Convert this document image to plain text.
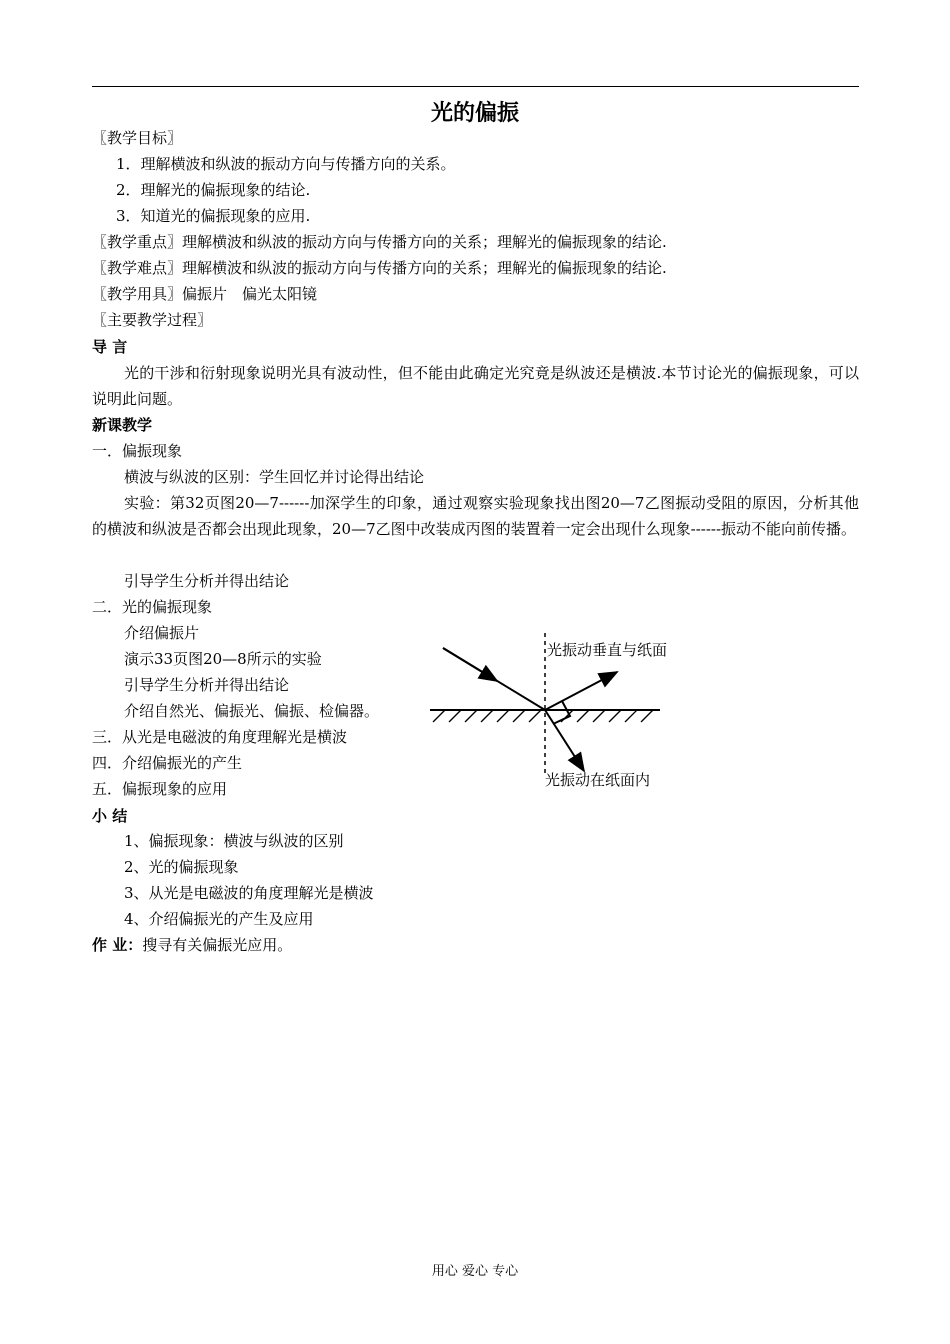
光的偏振
〖教学目标〗
1．理解横波和纵波的振动方向与传播方向的关系。
2．理解光的偏振现象的结论.
3．知道光的偏振现象的应用.
〖教学重点〗理解横波和纵波的振动方向与传播方向的关系；理解光的偏振现象的结论.
〖教学难点〗理解横波和纵波的振动方向与传播方向的关系；理解光的偏振现象的结论.
〖教学用具〗偏振片　偏光太阳镜
〖主要教学过程〗
导 言
光的干涉和衍射现象说明光具有波动性，但不能由此确定光究竟是纵波还是横波.本节讨论光的偏振现象，可以说明此问题。
新课教学
一．偏振现象
横波与纵波的区别：学生回忆并讨论得出结论
实验：第32页图20—7------加深学生的印象，通过观察实验现象找出图20—7乙图振动受阻的原因，分析其他的横波和纵波是否都会出现此现象，20—7乙图中改装成丙图的装置着一定会出现什么现象------振动不能向前传播。
引导学生分析并得出结论
二．光的偏振现象
介绍偏振片
演示33页图20—8所示的实验
引导学生分析并得出结论
介绍自然光、偏振光、偏振、检偏器。
三．从光是电磁波的角度理解光是横波
四．介绍偏振光的产生
五．偏振现象的应用
小 结
1、偏振现象：横波与纵波的区别
2、光的偏振现象
3、从光是电磁波的角度理解光是横波
4、介绍偏振光的产生及应用
作 业：搜寻有关偏振光应用。
光振动垂直与纸面
光振动在纸面内
用心 爱心 专心
